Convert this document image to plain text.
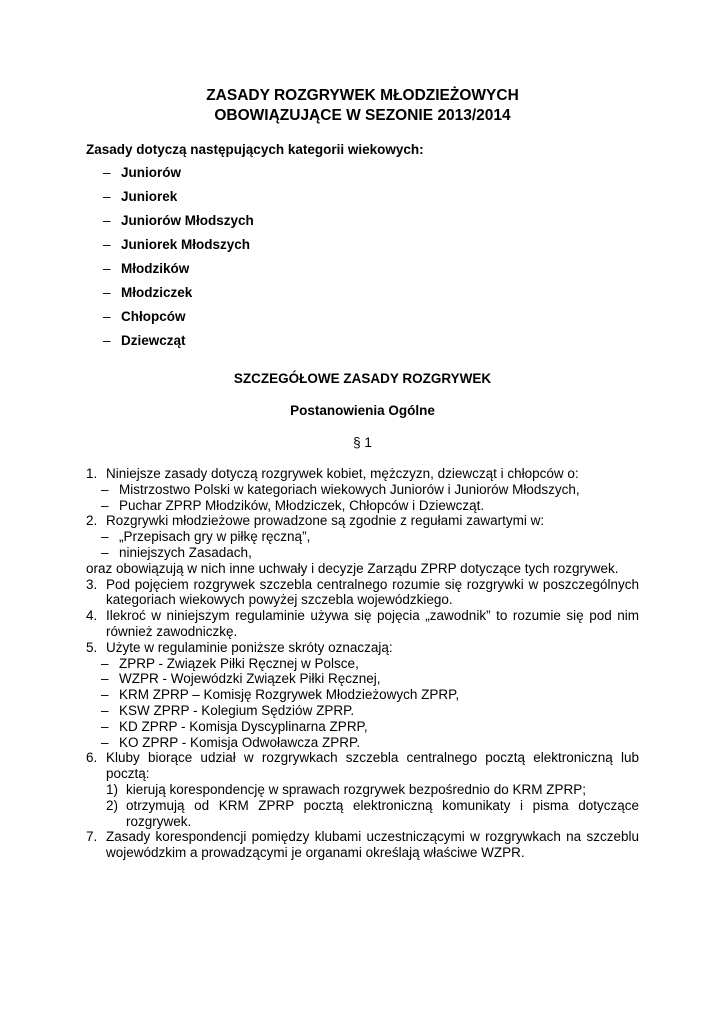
ZASADY ROZGRYWEK MŁODZIEŻOWYCH
OBOWIĄZUJĄCE W SEZONIE 2013/2014

Zasady dotyczą następujących kategorii wiekowych:

– Juniorów
– Juniorek
– Juniorów Młodszych
– Juniorek Młodszych
– Młodzików
– Młodziczek
– Chłopców
– Dziewcząt
SZCZEGÓŁOWE ZASADY ROZGRYWEK
Postanowienia Ogólne

§ 1

1. Niniejsze zasady dotyczą rozgrywek kobiet, mężczyzn, dziewcząt i chłopców o:
– Mistrzostwo Polski w kategoriach wiekowych Juniorów i Juniorów Młodszych,
– Puchar ZPRP Młodzików, Młodziczek, Chłopców i Dziewcząt.
2. Rozgrywki młodzieżowe prowadzone są zgodnie z regułami zawartymi w:
– „Przepisach gry w piłkę ręczną”,
– niniejszych Zasadach,
oraz obowiązują w nich inne uchwały i decyzje Zarządu ZPRP dotyczące tych rozgrywek.
3. Pod pojęciem rozgrywek szczebla centralnego rozumie się rozgrywki w poszczególnych kategoriach wiekowych powyżej szczebla wojewódzkiego.
4. Ilekroć w niniejszym regulaminie używa się pojęcia „zawodnik” to rozumie się pod nim również zawodniczkę.
5. Użyte w regulaminie poniższe skróty oznaczają:
– ZPRP - Związek Piłki Ręcznej w Polsce,
– WZPR - Wojewódzki Związek Piłki Ręcznej,
– KRM ZPRP – Komisję Rozgrywek Młodzieżowych ZPRP,
– KSW ZPRP - Kolegium Sędziów ZPRP.
– KD ZPRP - Komisja Dyscyplinarna ZPRP,
– KO ZPRP - Komisja Odwoławcza ZPRP.
6. Kluby biorące udział w rozgrywkach szczebla centralnego pocztą elektroniczną lub pocztą:
1) kierują korespondencję w sprawach rozgrywek bezpośrednio do KRM ZPRP;
2) otrzymują od KRM ZPRP pocztą elektroniczną komunikaty i pisma dotyczące rozgrywek.
7. Zasady korespondencji pomiędzy klubami uczestniczącymi w rozgrywkach na szczeblu wojewódzkim a prowadzącymi je organami określają właściwe WZPR.
